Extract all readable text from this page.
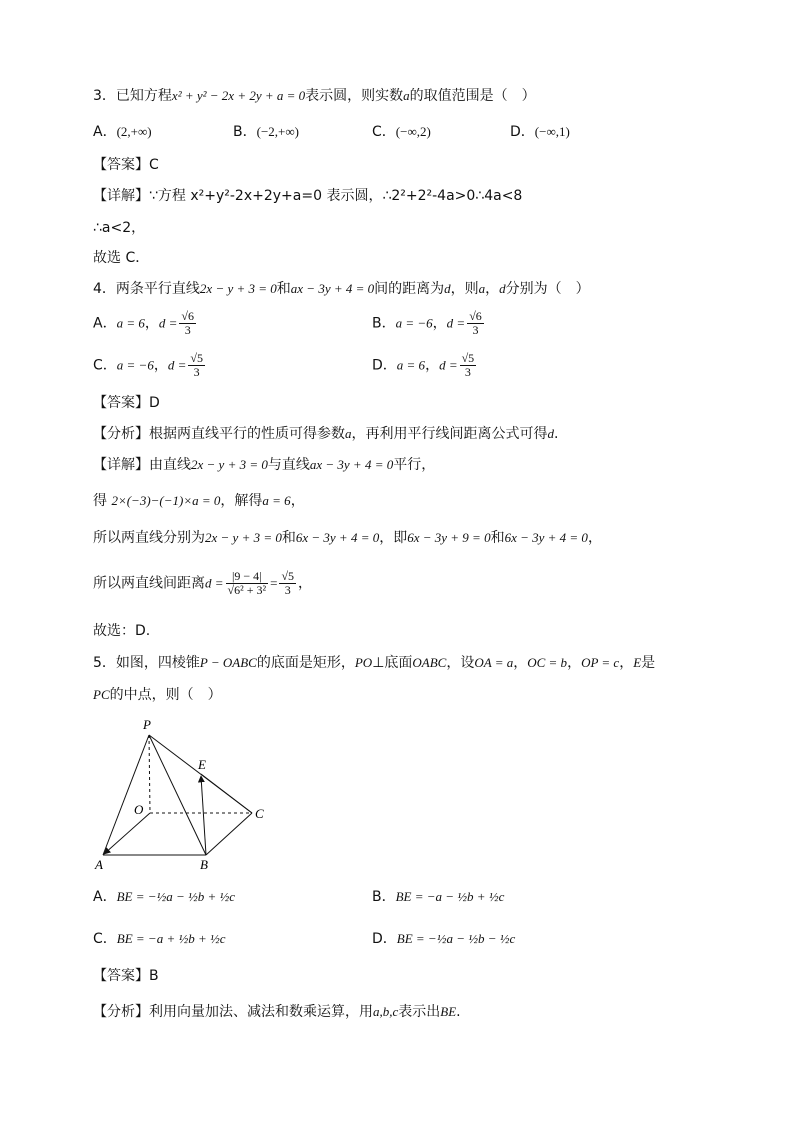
3．已知方程x² + y² − 2x + 2y + a = 0表示圆，则实数a的取值范围是（　）
A．(2,+∞)	B．(−2,+∞)	C．(−∞,2)	D．(−∞,1)
【答案】C
【详解】∵方程 x²+y²-2x+2y+a=0 表示圆，∴2²+2²-4a>0∴4a<8
∴a<2，
故选 C．
4．两条平行直线2x − y + 3 = 0和ax − 3y + 4 = 0间的距离为d，则a，d分别为（　）
A．a = 6，$d = \frac{√6}{3}$	B．a = −6，$d = \frac{√6}{3}$
C．a = −6，$d = \frac{√5}{3}$	D．a = 6，$d = \frac{√5}{3}$
【答案】D
【分析】根据两直线平行的性质可得参数a，再利用平行线间距离公式可得d.
【详解】由直线2x − y + 3 = 0与直线ax − 3y + 4 = 0平行，
得 2×(−3)−(−1)×a = 0，解得a = 6，
所以两直线分别为2x − y + 3 = 0和6x − 3y + 4 = 0，即6x − 3y + 9 = 0和6x − 3y + 4 = 0，
所以两直线间距离$d = \frac{|9 - 4|}{\text{√6² + 3²}} = \frac{√5}{3}$ ，
故选：D.
5．如图，四棱锥P − OABC的底面是矩形，PO⊥底面OABC，设OA = a，OC = b，OP = c，E是
PC的中点，则（　）
P
E
O	C
A	B
A．BE = −½a − ½b + ½c	B．BE = −a − ½b + ½c
C．BE = −a + ½b + ½c	D．BE = −½a − ½b − ½c
【答案】B
【分析】利用向量加法、减法和数乘运算，用a,b,c表示出BE.
